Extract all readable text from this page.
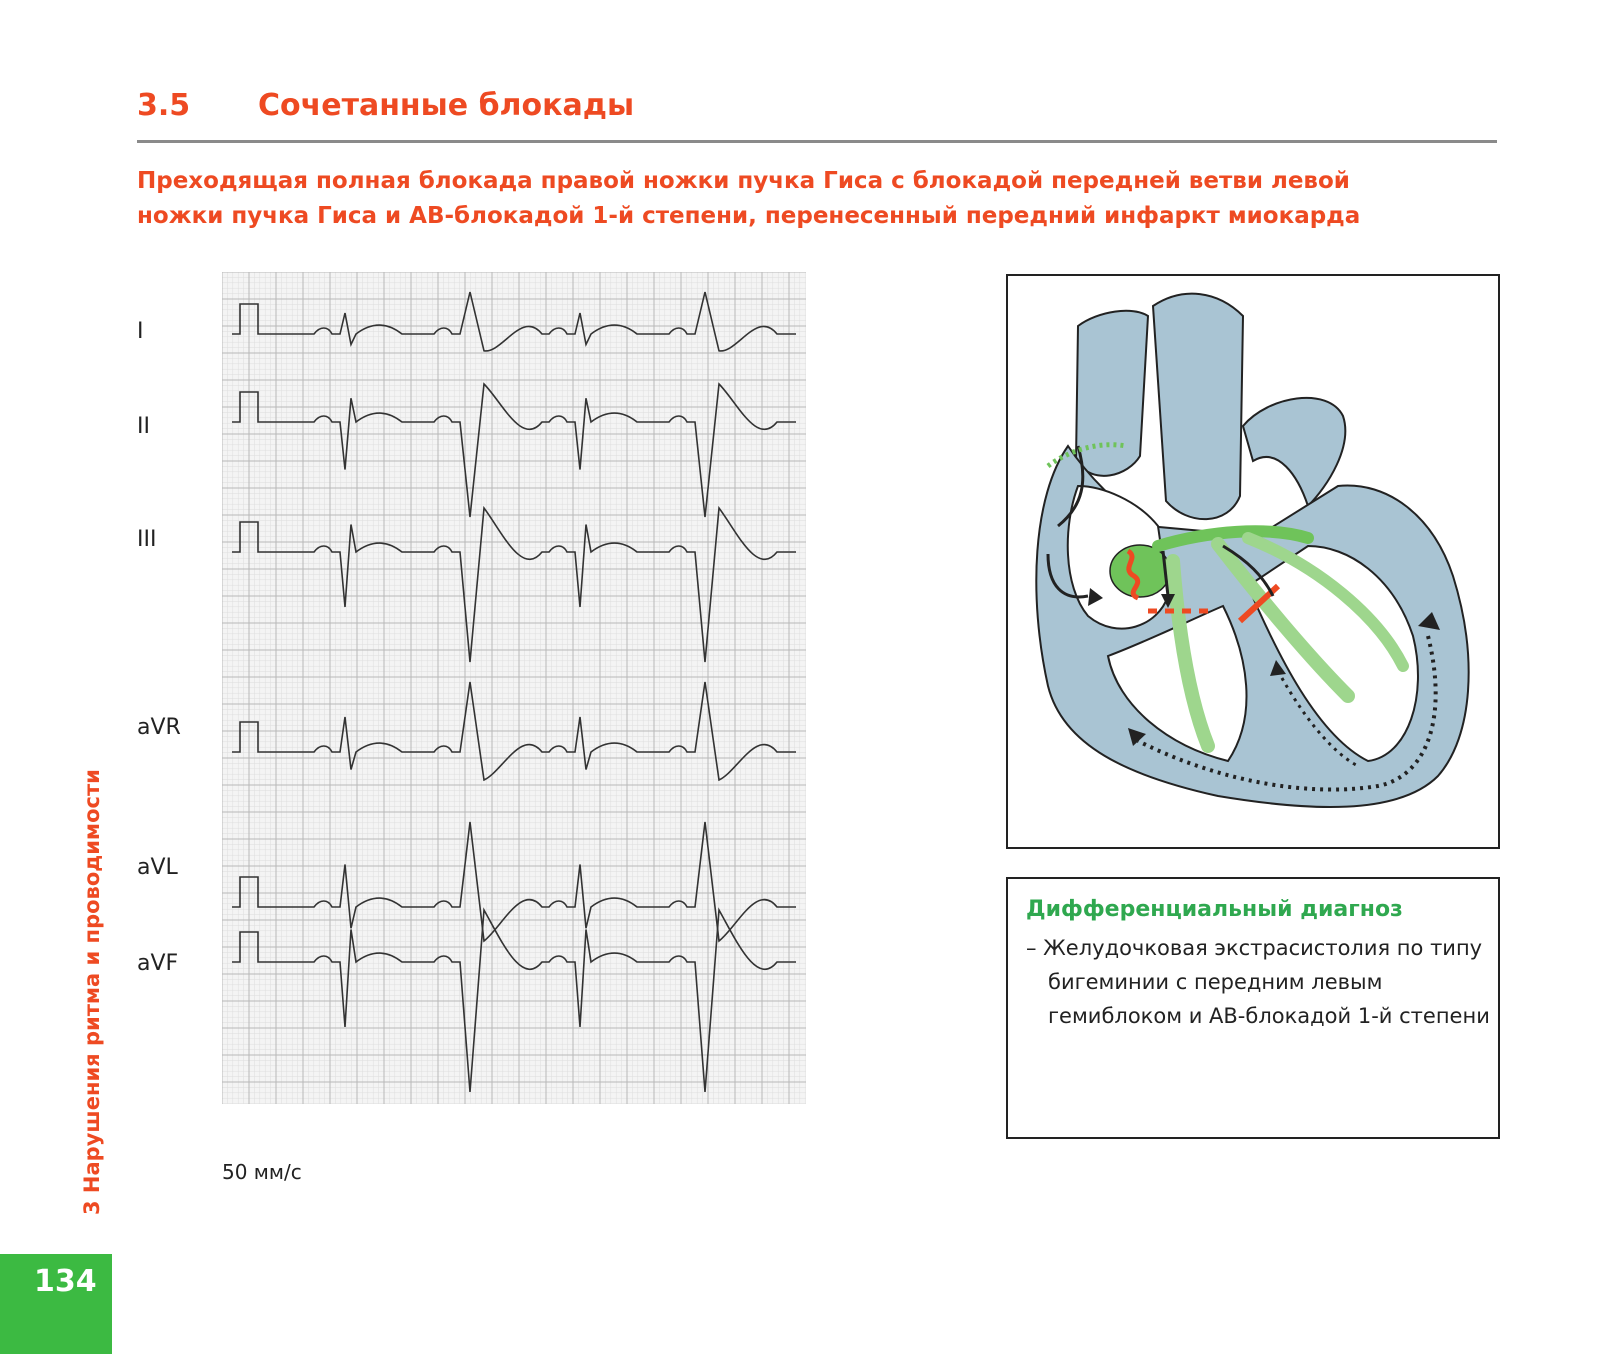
3.5 Сочетанные блокады
Преходящая полная блокада правой ножки пучка Гиса с блокадой передней ветви левой
ножки пучка Гиса и АВ-блокадой 1-й степени, перенесенный передний инфаркт миокарда
I
II
III
aVR
aVL
aVF
50 мм/с
Дифференциальный диагноз
– Желудочковая экстрасистолия по типу бигеминии с передним левым гемиблоком и АВ-блокадой 1-й степени
3 Нарушения ритма и проводимости
134
